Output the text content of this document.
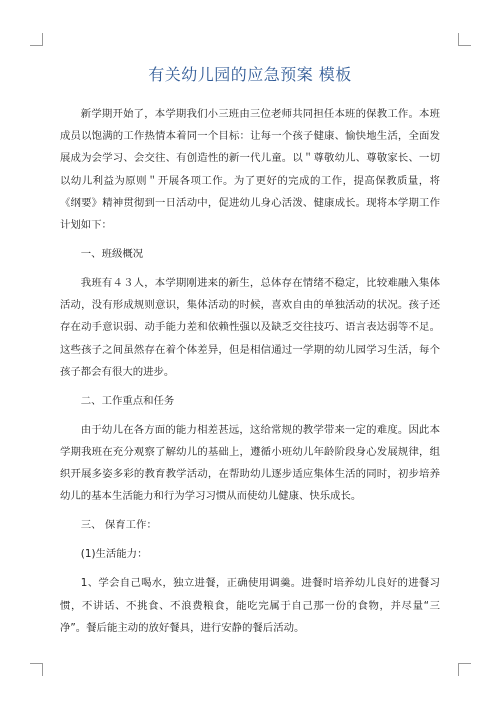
有关幼儿园的应急预案 模板

新学期开始了，本学期我们小三班由三位老师共同担任本班的保教工作。本班成员以饱满的工作热情本着同一个目标：让每一个孩子健康、愉快地生活，全面发展成为会学习、会交往、有创造性的新一代儿童。以＂尊敬幼儿、尊敬家长、一切以幼儿利益为原则＂开展各项工作。为了更好的完成的工作，提高保教质量，将《纲要》精神贯彻到一日活动中，促进幼儿身心活泼、健康成长。现将本学期工作计划如下：

一、班级概况

我班有４３人，本学期刚进来的新生，总体存在情绪不稳定，比较难融入集体活动，没有形成规则意识，集体活动的时候，喜欢自由的单独活动的状况。孩子还存在动手意识弱、动手能力差和依赖性强以及缺乏交往技巧、语言表达弱等不足。这些孩子之间虽然存在着个体差异，但是相信通过一学期的幼儿园学习生活，每个孩子都会有很大的进步。

二、工作重点和任务

由于幼儿在各方面的能力相差甚远，这给常规的教学带来一定的难度。因此本学期我班在充分观察了解幼儿的基础上，遵循小班幼儿年龄阶段身心发展规律，组织开展多姿多彩的教育教学活动，在帮助幼儿逐步适应集体生活的同时，初步培养幼儿的基本生活能力和行为学习习惯从而使幼儿健康、快乐成长。

三、 保育工作：

(1)生活能力：

1、学会自己喝水，独立进餐，正确使用调羹。进餐时培养幼儿良好的进餐习惯，不讲话、不挑食、不浪费粮食，能吃完属于自己那一份的食物，并尽量“三净”。餐后能主动的放好餐具，进行安静的餐后活动。
